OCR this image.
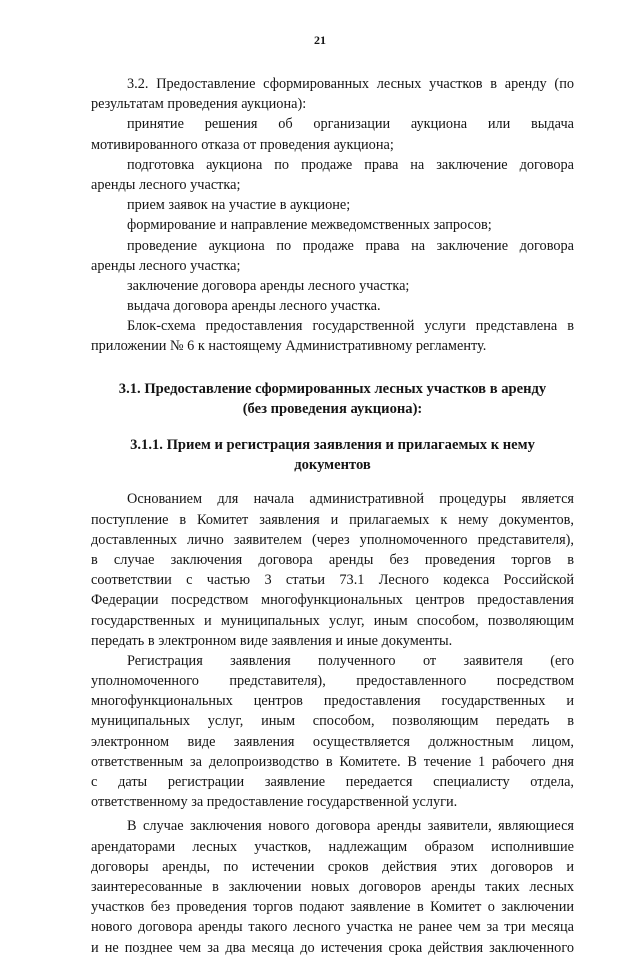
21
3.2. Предоставление сформированных лесных участков в аренду (по
результатам проведения аукциона):
принятие решения об организации аукциона или выдача
мотивированного отказа от проведения аукциона;
подготовка аукциона по продаже права на заключение договора
аренды лесного участка;
прием заявок на участие в аукционе;
формирование и направление межведомственных запросов;
проведение аукциона по продаже права на заключение договора
аренды лесного участка;
заключение договора аренды лесного участка;
выдача договора аренды лесного участка.
Блок-схема предоставления государственной услуги представлена в
приложении № 6 к настоящему Административному регламенту.
3.1. Предоставление сформированных лесных участков в аренду
(без проведения аукциона):
3.1.1. Прием и регистрация заявления и прилагаемых к нему
документов
Основанием для начала административной процедуры является
поступление в Комитет заявления и прилагаемых к нему документов,
доставленных лично заявителем (через уполномоченного представителя),
в случае заключения договора аренды без проведения торгов в
соответствии с частью 3 статьи 73.1 Лесного кодекса Российской
Федерации посредством многофункциональных центров предоставления
государственных и муниципальных услуг, иным способом, позволяющим
передать в электронном виде заявления и иные документы.
Регистрация заявления полученного от заявителя (его
уполномоченного представителя), предоставленного посредством
многофункциональных центров предоставления государственных и
муниципальных услуг, иным способом, позволяющим передать в
электронном виде заявления осуществляется должностным лицом,
ответственным за делопроизводство в Комитете. В течение 1 рабочего дня
с даты регистрации заявление передается специалисту отдела,
ответственному за предоставление государственной услуги.
В случае заключения нового договора аренды заявители, являющиеся
арендаторами лесных участков, надлежащим образом исполнившие
договоры аренды, по истечении сроков действия этих договоров и
заинтересованные в заключении новых договоров аренды таких лесных
участков без проведения торгов подают заявление в Комитет о заключении
нового договора аренды такого лесного участка не ранее чем за три месяца
и не позднее чем за два месяца до истечения срока действия заключенного
